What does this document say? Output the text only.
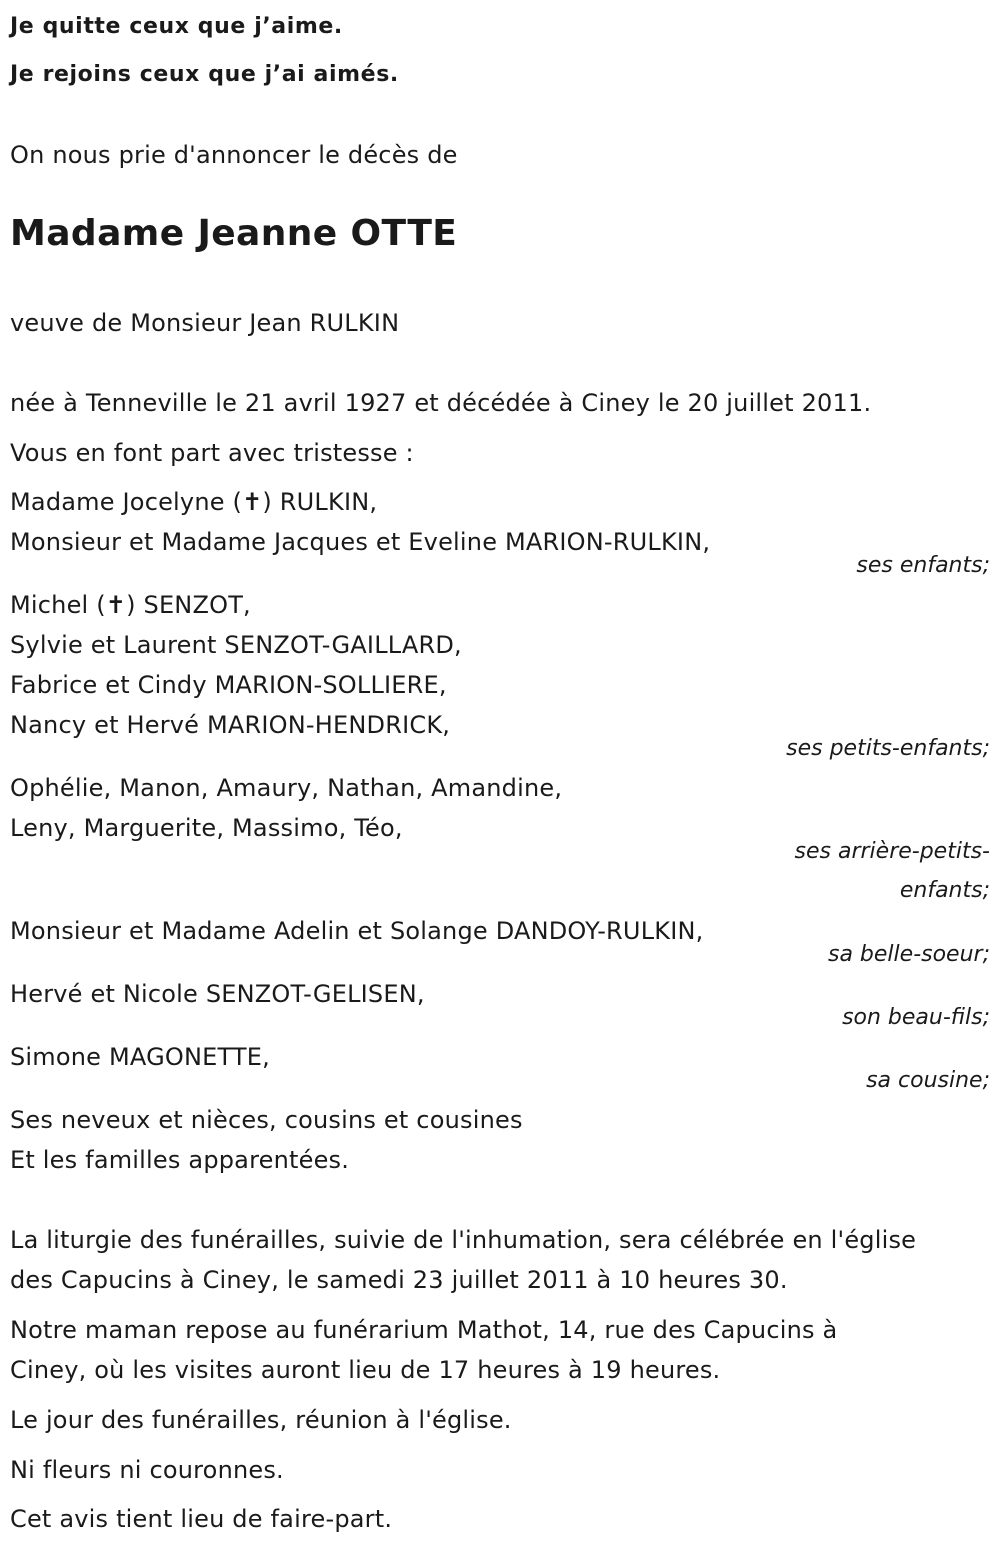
Je quitte ceux que j’aime.
Je rejoins ceux que j’ai aimés.
On nous prie d'annoncer le décès de
Madame Jeanne OTTE
veuve de Monsieur Jean RULKIN
née à Tenneville le 21 avril 1927 et décédée à Ciney le 20 juillet 2011.
Vous en font part avec tristesse :
Madame Jocelyne (✝) RULKIN,
Monsieur et Madame Jacques et Eveline MARION-RULKIN,
ses enfants;
Michel (✝) SENZOT,
Sylvie et Laurent SENZOT-GAILLARD,
Fabrice et Cindy MARION-SOLLIERE,
Nancy et Hervé MARION-HENDRICK,
ses petits-enfants;
Ophélie, Manon, Amaury, Nathan, Amandine,
Leny, Marguerite, Massimo, Téo,
ses arrière-petits-
enfants;
Monsieur et Madame Adelin et Solange DANDOY-RULKIN,
sa belle-soeur;
Hervé et Nicole SENZOT-GELISEN,
son beau-fils;
Simone MAGONETTE,
sa cousine;
Ses neveux et nièces, cousins et cousines
Et les familles apparentées.
La liturgie des funérailles, suivie de l'inhumation, sera célébrée en l'église
des Capucins à Ciney, le samedi 23 juillet 2011 à 10 heures 30.
Notre maman repose au funérarium Mathot, 14, rue des Capucins à
Ciney, où les visites auront lieu de 17 heures à 19 heures.
Le jour des funérailles, réunion à l'église.
Ni fleurs ni couronnes.
Cet avis tient lieu de faire-part.
